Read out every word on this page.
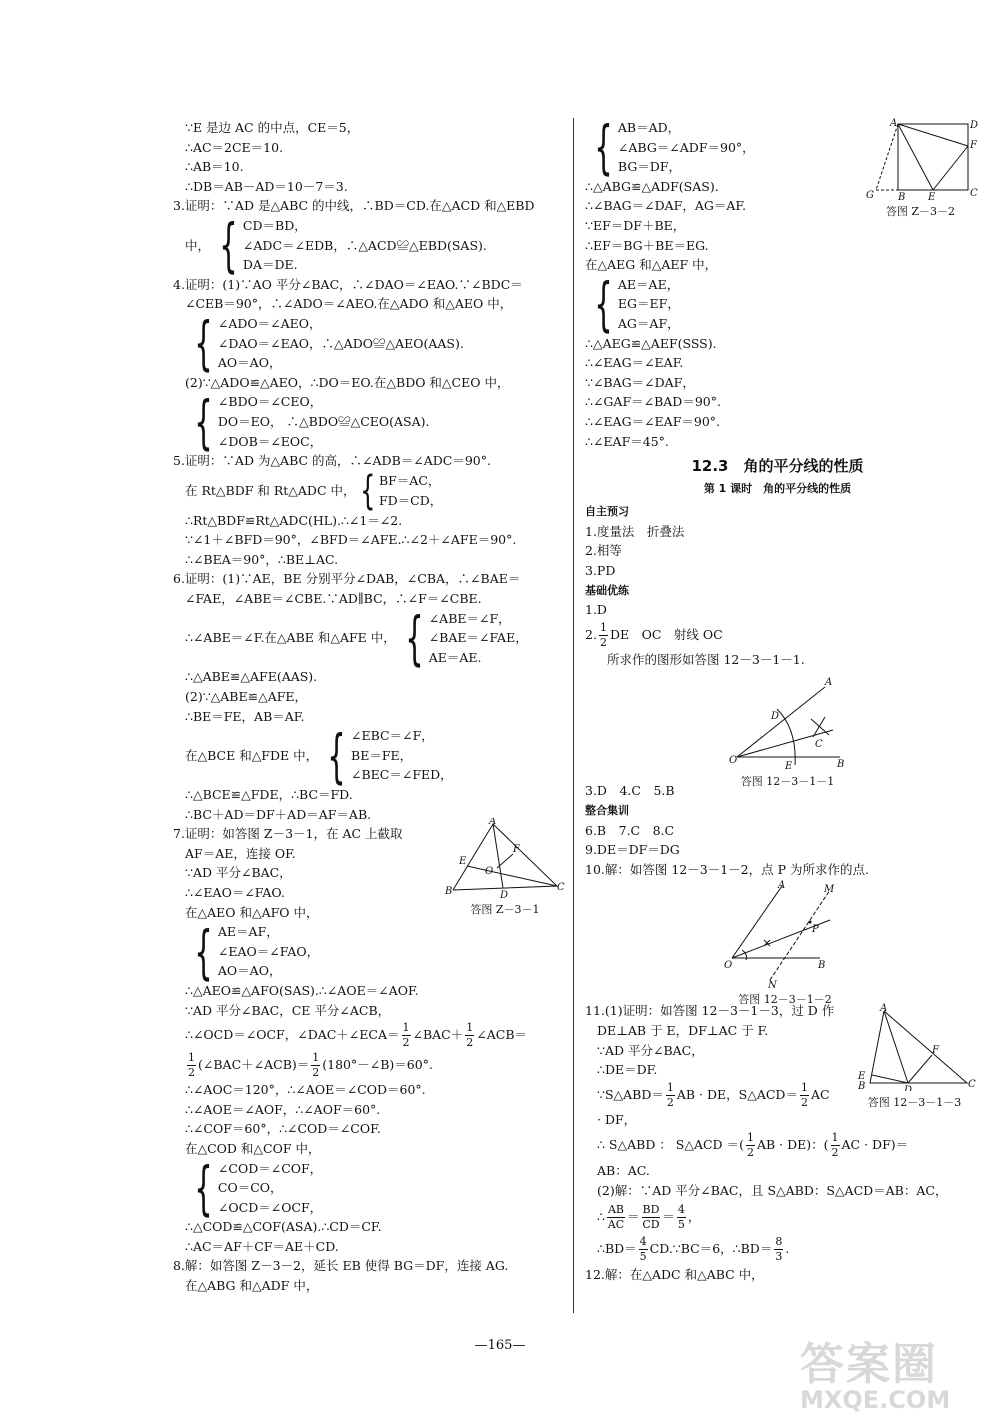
∵E 是边 AC 的中点，CE＝5，
∴AC＝2CE＝10.
∴AB＝10.
∴DB＝AB－AD＝10－7＝3.
3.证明：∵AD 是△ABC 的中线，∴BD＝CD.在△ACD 和△EBD
中， { CD＝BD，
∠ADC＝∠EDB，∴△ACD≌△EBD(SAS).
DA＝DE.
4.证明：(1)∵AO 平分∠BAC，∴∠DAO＝∠EAO.∵∠BDC＝
∠CEB＝90°，∴∠ADO＝∠AEO.在△ADO 和△AEO 中，
{ ∠ADO＝∠AEO，
∠DAO＝∠EAO，∴△ADO≌△AEO(AAS).
AO＝AO，
(2)∵△ADO≌△AEO，∴DO＝EO.在△BDO 和△CEO 中，
{ ∠BDO＝∠CEO，
DO＝EO， ∴△BDO≌△CEO(ASA).
∠DOB＝∠EOC，
5.证明：∵AD 为△ABC 的高，∴∠ADB＝∠ADC＝90°.
在 Rt△BDF 和 Rt△ADC 中， { BF＝AC，
FD＝CD，
∴Rt△BDF≌Rt△ADC(HL).∴∠1＝∠2.
∵∠1＋∠BFD＝90°，∠BFD＝∠AFE.∴∠2＋∠AFE＝90°.
∴∠BEA＝90°，∴BE⊥AC.
6.证明：(1)∵AE，BE 分别平分∠DAB，∠CBA，∴∠BAE＝
∠FAE，∠ABE＝∠CBE.∵AD∥BC，∴∠F＝∠CBE.
∴∠ABE＝∠F.在△ABE 和△AFE 中， { ∠ABE＝∠F，
∠BAE＝∠FAE，
AE＝AE.
∴△ABE≌△AFE(AAS).
(2)∵△ABE≌△AFE，
∴BE＝FE，AB＝AF.
在△BCE 和△FDE 中， { ∠EBC＝∠F，
BE＝FE，
∠BEC＝∠FED，
∴△BCE≌△FDE，∴BC＝FD.
∴BC＋AD＝DF＋AD＝AF＝AB.
7.证明：如答图 Z－3－1，在 AC 上截取
AF＝AE，连接 OF.
∵AD 平分∠BAC，
∴∠EAO＝∠FAO.
在△AEO 和△AFO 中，
{ AE＝AF，
∠EAO＝∠FAO，
AO＝AO，
∴△AEO≌△AFO(SAS).∴∠AOE＝∠AOF.
∵AD 平分∠BAC，CE 平分∠ACB，
∴∠OCD＝∠OCF，∠DAC＋∠ECA＝ $\frac{1}{2}$ ∠BAC＋ $\frac{1}{2}$ ∠ACB＝
$\frac{1}{2}$ (∠BAC＋∠ACB)＝ $\frac{1}{2}$ (180°－∠B)＝60°.
∴∠AOC＝120°，∴∠AOE＝∠COD＝60°.
∴∠AOE＝∠AOF，∴∠AOF＝60°.
∴∠COF＝60°，∴∠COD＝∠COF.
在△COD 和△COF 中，
{ ∠COD＝∠COF，
CO＝CO，
∠OCD＝∠OCF，
∴△COD≌△COF(ASA).∴CD＝CF.
∴AC＝AF＋CF＝AE＋CD.
8.解：如答图 Z－3－2，延长 EB 使得 BG＝DF，连接 AG.
在△ABG 和△ADF 中，
A
B	C
D
E
F
O
答图 Z－3－1
{ AB＝AD，
∠ABG＝∠ADF＝90°，
BG＝DF，
∴△ABG≌△ADF(SAS).
∴∠BAG＝∠DAF，AG＝AF.
∵EF＝DF＋BE，
∴EF＝BG＋BE＝EG.
在△AEG 和△AEF 中，
{ AE＝AE，
EG＝EF，
AG＝AF，
∴△AEG≌△AEF(SSS).
∴∠EAG＝∠EAF.
∵∠BAG＝∠DAF，
∴∠GAF＝∠BAD＝90°.
∴∠EAG＝∠EAF＝90°.
∴∠EAF＝45°.
12.3　 角的平分线的性质
第 1 课时　角的平分线的性质
自主预习
1.度量法　折叠法
2.相等
3.PD
基础优练
1.D
2. $\frac{1}{2}$ DE　OC　射线 OC
所求作的图形如答图 12－3－1－1.
3.D　4.C　5.B
整合集训
6.B　7.C　8.C
9.DE＝DF＝DG
10.解：如答图 12－3－1－2，点 P 为所求作的点.
11.(1)证明：如答图 12－3－1－3，过 D 作
DE⊥AB 于 E，DF⊥AC 于 F.
∵AD 平分∠BAC，
∴DE＝DF.
∵S△ABD＝ $\frac{1}{2}$ AB · DE，S△ACD＝ $\frac{1}{2}$ AC
· DF，
∴ S△ABD ： S△ACD ＝( $\frac{1}{2}$ AB · DE)：( $\frac{1}{2}$ AC · DF)＝
AB：AC.
(2)解：∵AD 平分∠BAC，且 S△ABD：S△ACD＝AB：AC，
∴ $\frac{AB}{AC} = \frac{BD}{CD} = \frac{4}{5}$ ，
∴BD＝ $\frac{4}{5}$ CD.∵BC＝6，∴BD＝ $\frac{8}{3}$ .
12.解：在△ADC 和△ABC 中，
A	D
F
C
E
B
G
答图 Z－3－2
A
D
C
O
E	B
答图 12－3－1－1
A	M
P
O
N
B
答图 12－3－1－2
A
E
B	D
F
C
答图 12－3－1－3
—165—	答案圈
MXQE.COM
